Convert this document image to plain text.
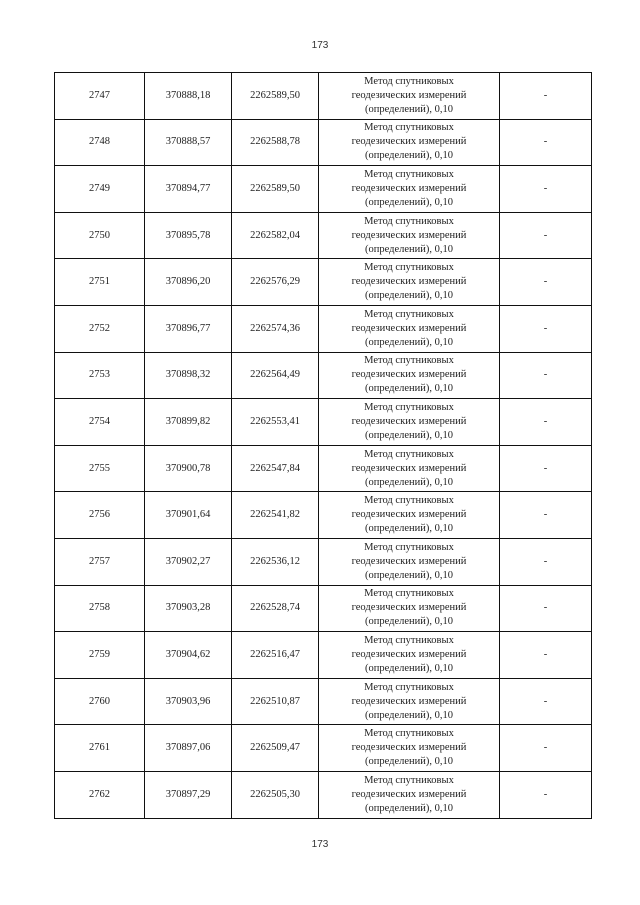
173
2747	370888,18	2262589,50	Метод спутниковых
геодезических измерений
(определений), 0,10	-
2748	370888,57	2262588,78	Метод спутниковых
геодезических измерений
(определений), 0,10	-
2749	370894,77	2262589,50	Метод спутниковых
геодезических измерений
(определений), 0,10	-
2750	370895,78	2262582,04	Метод спутниковых
геодезических измерений
(определений), 0,10	-
2751	370896,20	2262576,29	Метод спутниковых
геодезических измерений
(определений), 0,10	-
2752	370896,77	2262574,36	Метод спутниковых
геодезических измерений
(определений), 0,10	-
2753	370898,32	2262564,49	Метод спутниковых
геодезических измерений
(определений), 0,10	-
2754	370899,82	2262553,41	Метод спутниковых
геодезических измерений
(определений), 0,10	-
2755	370900,78	2262547,84	Метод спутниковых
геодезических измерений
(определений), 0,10	-
2756	370901,64	2262541,82	Метод спутниковых
геодезических измерений
(определений), 0,10	-
2757	370902,27	2262536,12	Метод спутниковых
геодезических измерений
(определений), 0,10	-
2758	370903,28	2262528,74	Метод спутниковых
геодезических измерений
(определений), 0,10	-
2759	370904,62	2262516,47	Метод спутниковых
геодезических измерений
(определений), 0,10	-
2760	370903,96	2262510,87	Метод спутниковых
геодезических измерений
(определений), 0,10	-
2761	370897,06	2262509,47	Метод спутниковых
геодезических измерений
(определений), 0,10	-
2762	370897,29	2262505,30	Метод спутниковых
геодезических измерений
(определений), 0,10	-
173
